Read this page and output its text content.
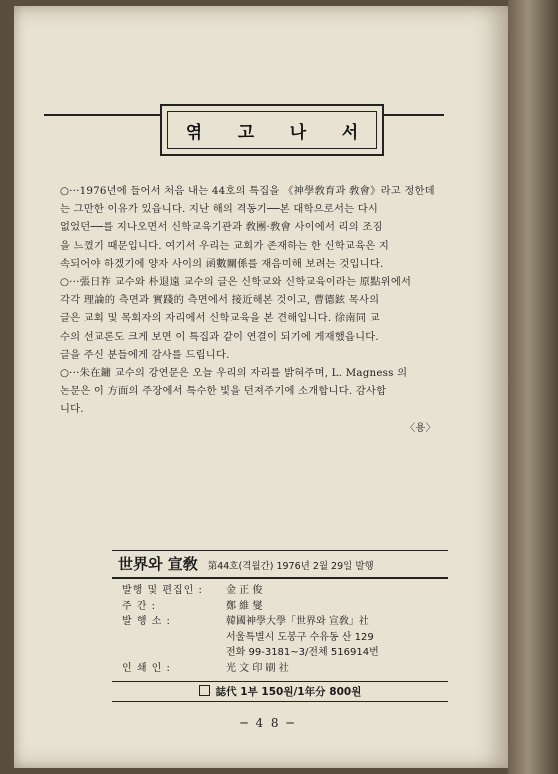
엮 고 나 서

○···1976년에 들어서 처음 내는 44호의 특집을 《神學敎育과 敎會》라고 정한데
는 그만한 이유가 있읍니다. 지난 해의 격동기──본 대학으로서는 다시
없었던──를 지나오면서 신학교육기관과 敎團·敎會 사이에서 리의 조짐
을 느꼈기 때문입니다. 여기서 우리는 교회가 존재하는 한 신학교육은 지
속되어야 하겠기에 양자 사이의 函數關係를 재음미해 보려는 것입니다.

○···張日祚 교수와 朴退遠 교수의 글은 신학교와 신학교육이라는 原點위에서
각각 理論的 측면과 實踐的 측면에서 接近해본 것이고, 曹德鉉 목사의
글은 교회 및 목회자의 자리에서 신학교육을 본 견해입니다. 徐南同 교
수의 선교론도 크게 보면 이 특집과 같이 연결이 되기에 게재했읍니다.
글을 주신 분들에게 감사를 드립니다.

○···朱在鏞 교수의 강연문은 오늘 우리의 자리를 밝혀주며, L. Magness 의
논문은 이 方面의 주장에서 특수한 빛을 던져주기에 소개합니다. 감사합
니다.
〈용〉

世界와 宣敎 第44호(격월간) 1976년 2월 29일 발행
발행 및 편집인 :	金 正 俊
주 간 :	鄭 維 燮
발 행 소 :	韓國神學大學「世界와 宣敎」社
서울특별시 도봉구 수유동 산 129
전화 99-3181~3/전체 516914번
인 쇄 인 :	光 文 印 刷 社
誌代 1부 150원/1年分 800원
─ 4 8 ─
